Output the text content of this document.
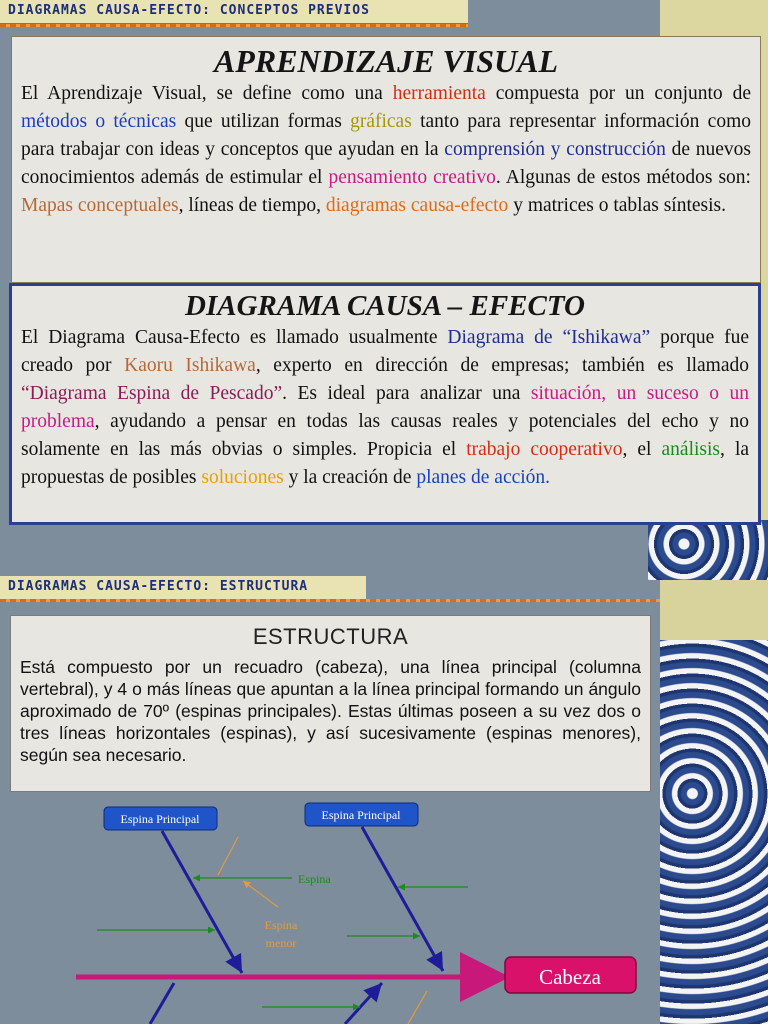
DIAGRAMAS CAUSA-EFECTO: CONCEPTOS PREVIOS
APRENDIZAJE VISUAL
El Aprendizaje Visual, se define como una herramienta compuesta por un conjunto de métodos o técnicas que utilizan formas gráficas tanto para representar información como para trabajar con ideas y conceptos que ayudan en la comprensión y construcción de nuevos conocimientos además de estimular el pensamiento creativo. Algunas de estos métodos son: Mapas conceptuales, líneas de tiempo, diagramas causa-efecto y matrices o tablas síntesis.
DIAGRAMA CAUSA – EFECTO
El Diagrama Causa-Efecto es llamado usualmente Diagrama de “Ishikawa” porque fue creado por Kaoru Ishikawa, experto en dirección de empresas; también es llamado “Diagrama Espina de Pescado”. Es ideal para analizar una situación, un suceso o un problema, ayudando a pensar en todas las causas reales y potenciales del echo y no solamente en las más obvias o simples. Propicia el trabajo cooperativo, el análisis, la propuestas de posibles soluciones y la creación de planes de acción.
DIAGRAMAS CAUSA-EFECTO: ESTRUCTURA
ESTRUCTURA
Está compuesto por un recuadro (cabeza), una línea principal (columna vertebral), y 4 o más líneas que apuntan a la línea principal formando un ángulo aproximado de 70º (espinas principales). Estas últimas poseen a su vez dos o tres líneas horizontales (espinas), y así sucesivamente (espinas menores), según sea necesario.
Espina Principal	Espina Principal
Espina
Espina
menor
Cabeza
